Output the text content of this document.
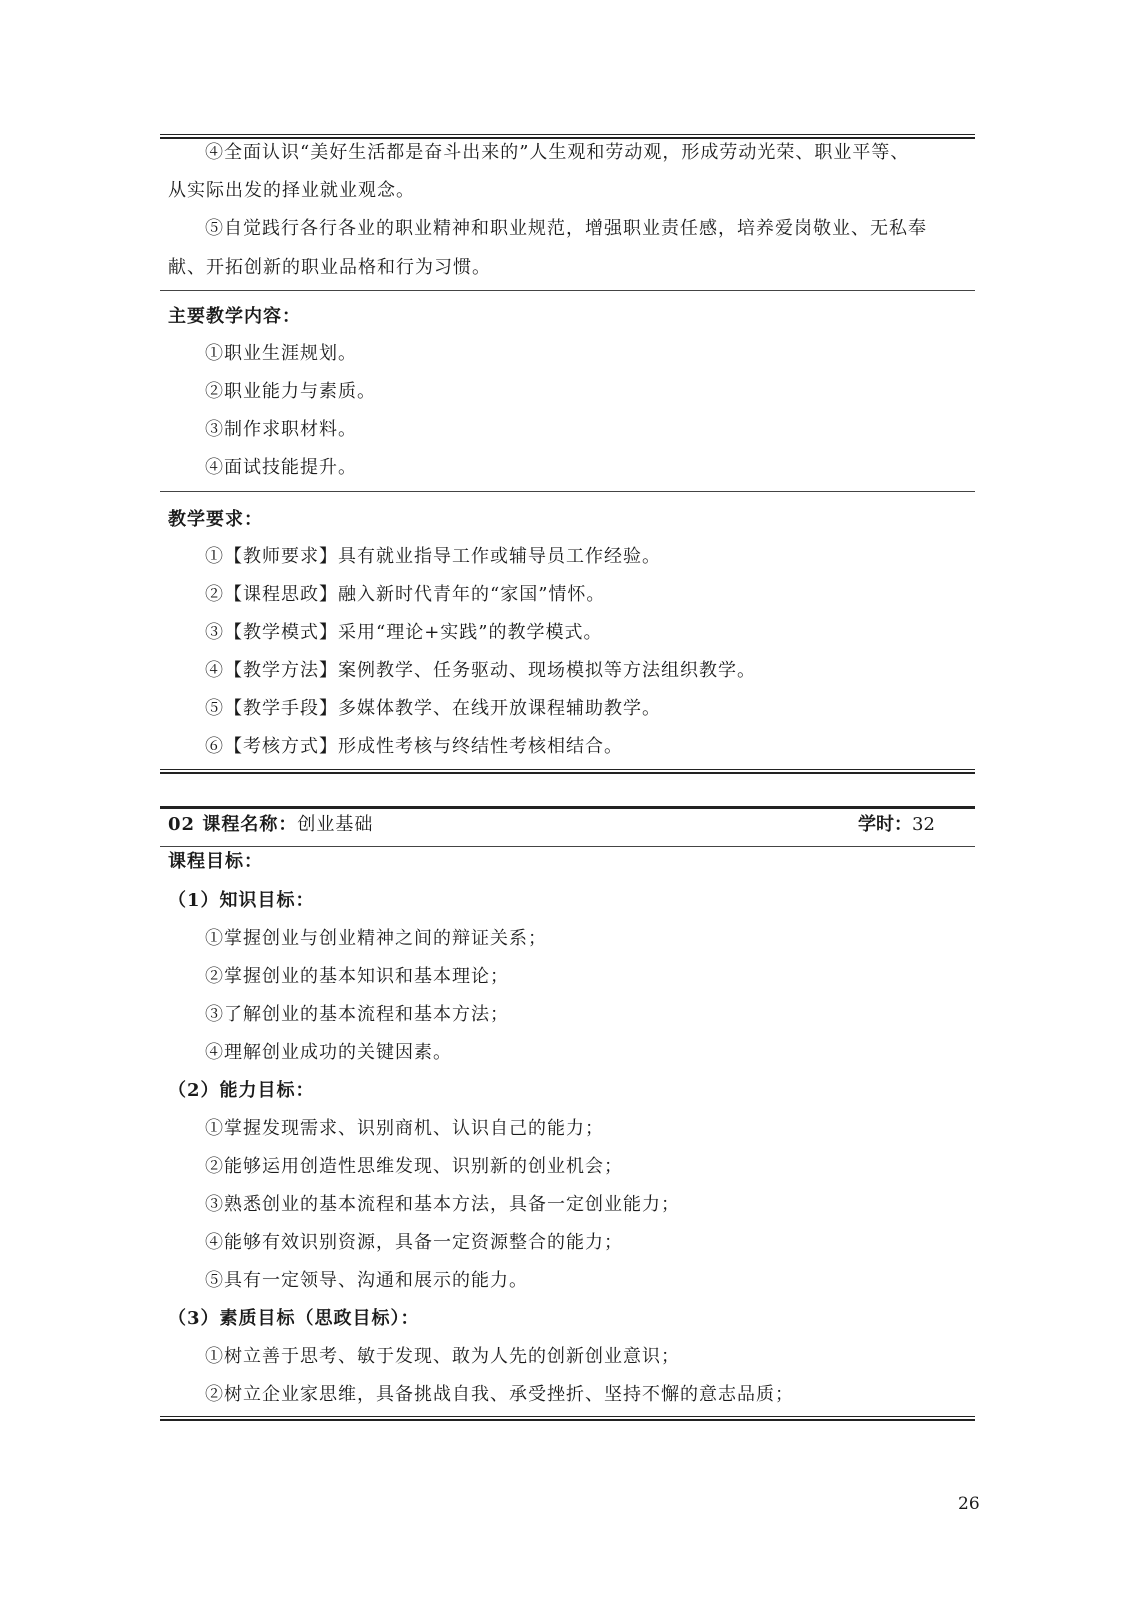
④全面认识“美好生活都是奋斗出来的”人生观和劳动观，形成劳动光荣、职业平等、
从实际出发的择业就业观念。
⑤自觉践行各行各业的职业精神和职业规范，增强职业责任感，培养爱岗敬业、无私奉
献、开拓创新的职业品格和行为习惯。
主要教学内容：
①职业生涯规划。
②职业能力与素质。
③制作求职材料。
④面试技能提升。
教学要求：
①【教师要求】具有就业指导工作或辅导员工作经验。
②【课程思政】融入新时代青年的“家国”情怀。
③【教学模式】采用“理论+实践”的教学模式。
④【教学方法】案例教学、任务驱动、现场模拟等方法组织教学。
⑤【教学手段】多媒体教学、在线开放课程辅助教学。
⑥【考核方式】形成性考核与终结性考核相结合。
02 课程名称：创业基础	学时：32
课程目标：
（1）知识目标：
①掌握创业与创业精神之间的辩证关系；
②掌握创业的基本知识和基本理论；
③了解创业的基本流程和基本方法；
④理解创业成功的关键因素。
（2）能力目标：
①掌握发现需求、识别商机、认识自己的能力；
②能够运用创造性思维发现、识别新的创业机会；
③熟悉创业的基本流程和基本方法，具备一定创业能力；
④能够有效识别资源，具备一定资源整合的能力；
⑤具有一定领导、沟通和展示的能力。
（3）素质目标（思政目标）：
①树立善于思考、敏于发现、敢为人先的创新创业意识；
②树立企业家思维，具备挑战自我、承受挫折、坚持不懈的意志品质；
26
